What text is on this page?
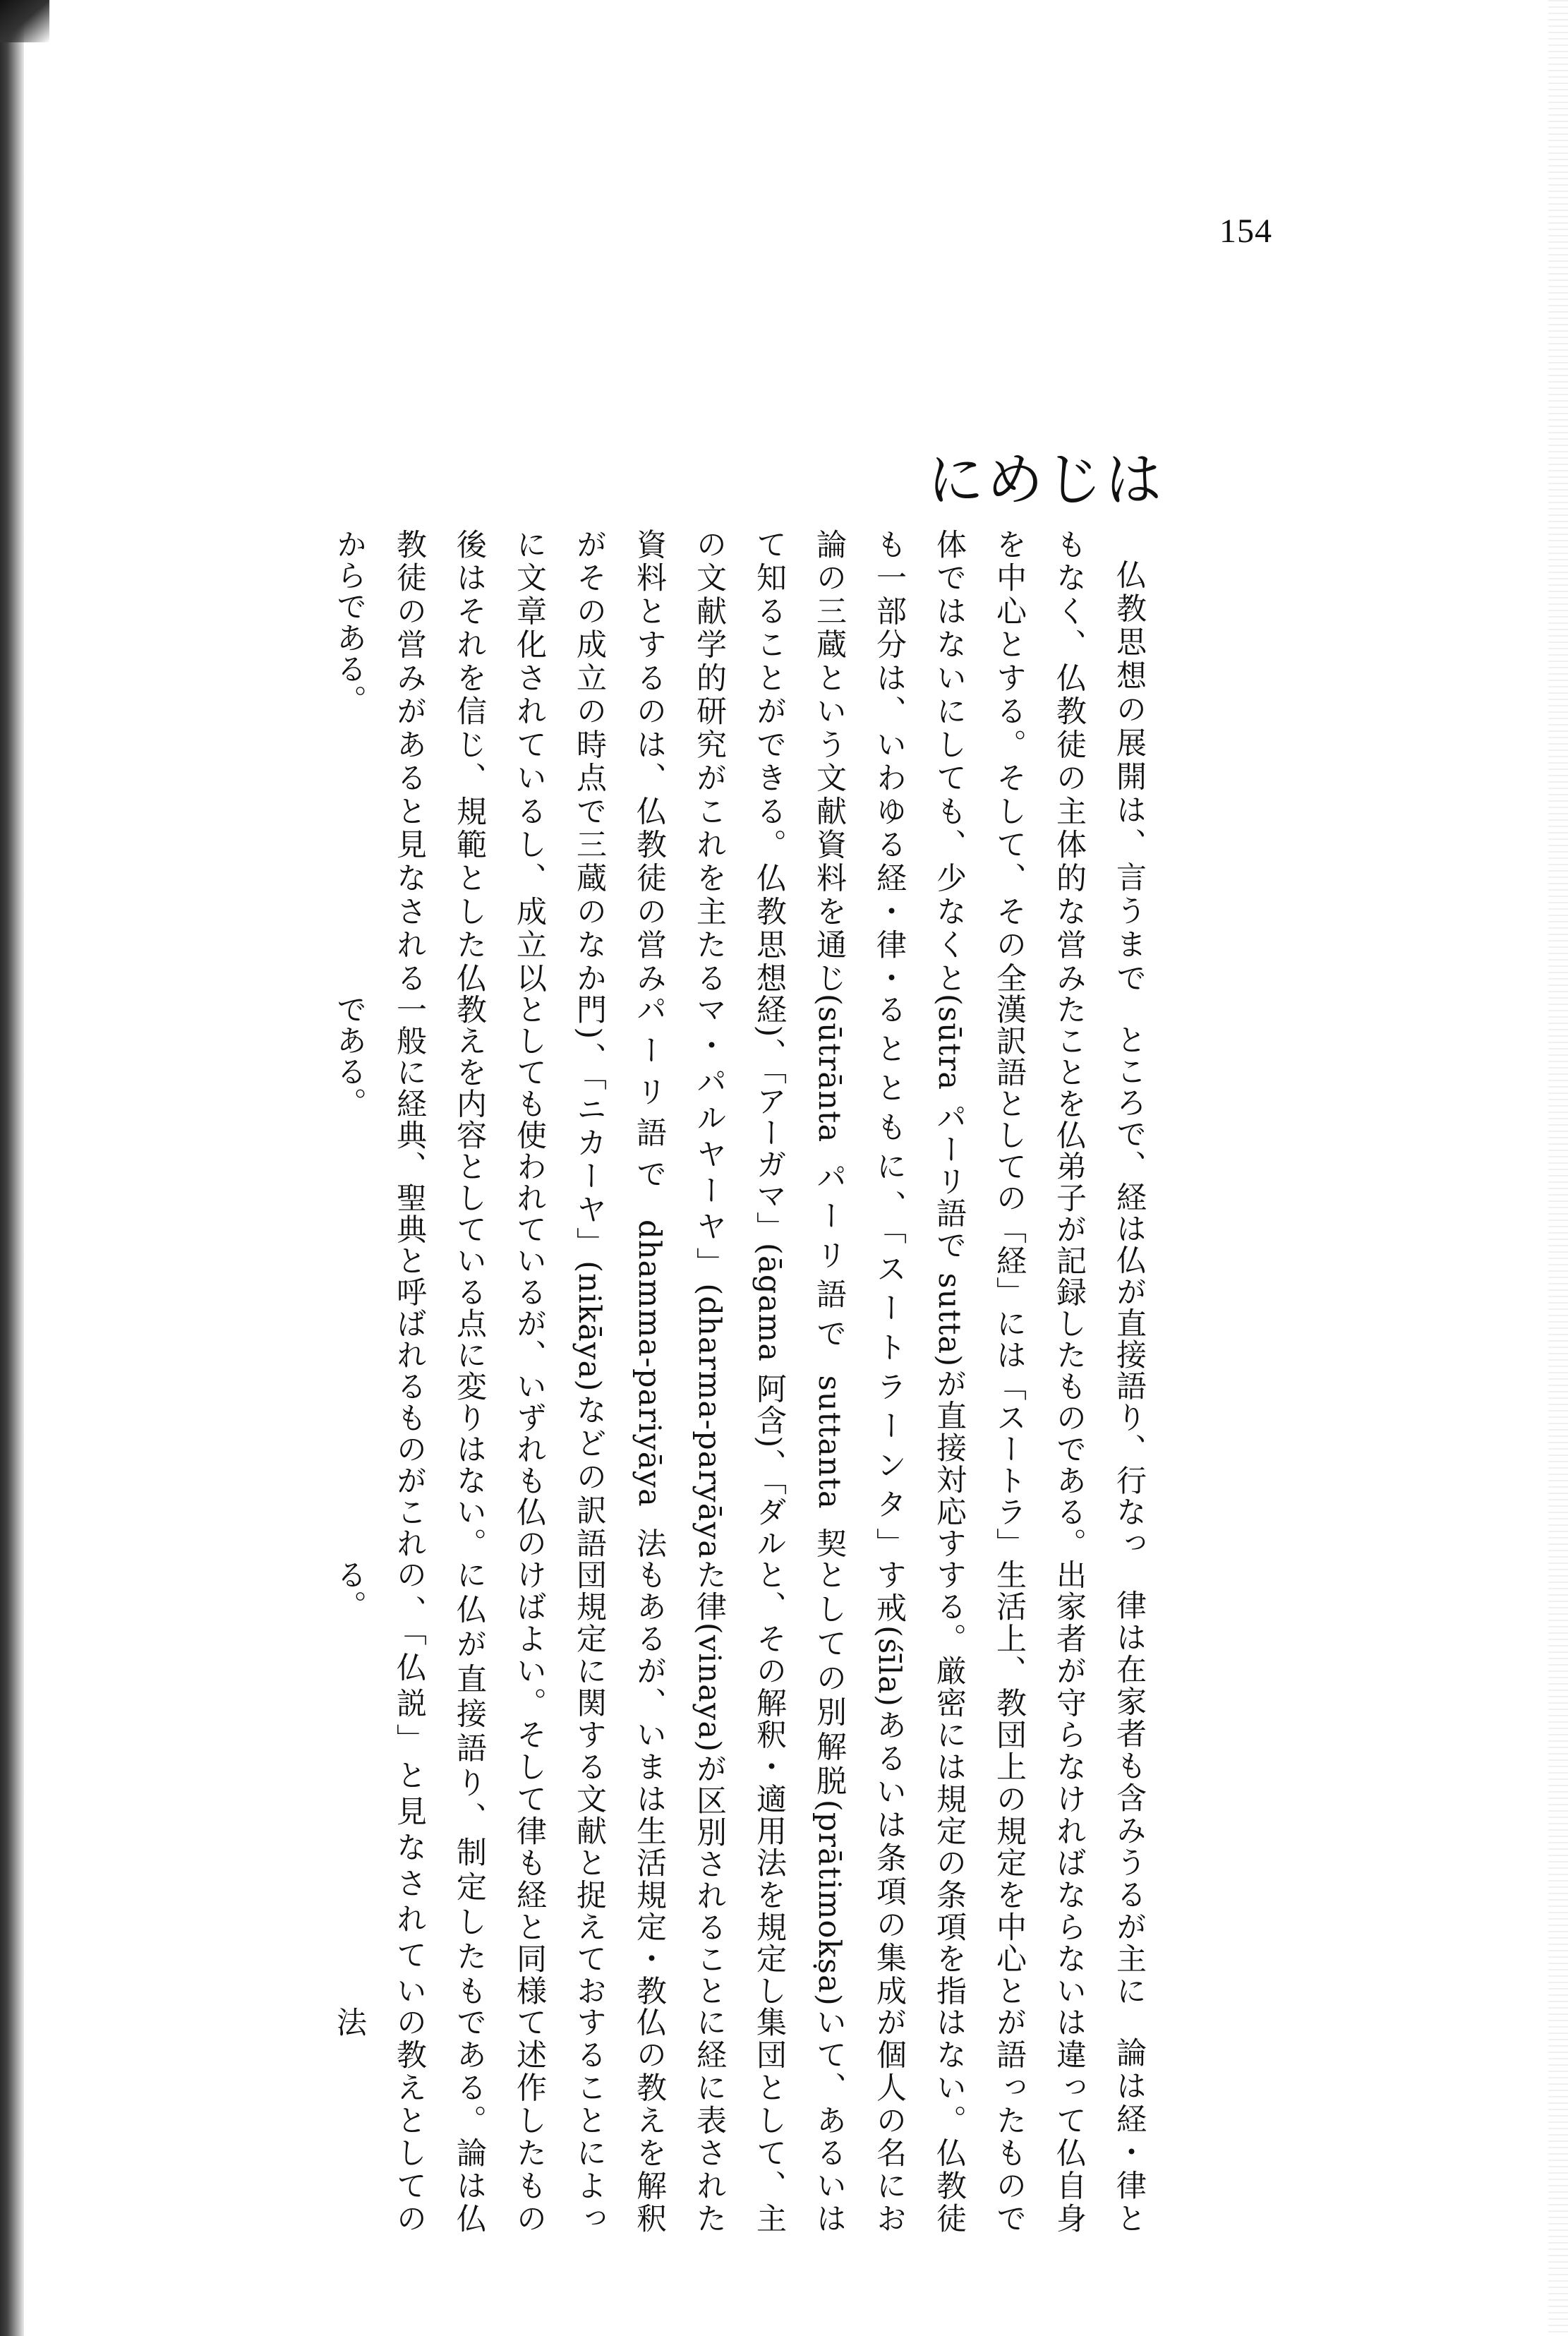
154
はじめに

仏教思想の展開は、言うまでもなく、仏教徒の主体的な営みを中心とする。そして、その全体ではないにしても、少なくとも一部分は、いわゆる経・律・論の三蔵という文献資料を通じて知ることができる。仏教思想の文献学的研究がこれを主たる資料とするのは、仏教徒の営みがその成立の時点で三蔵のなかに文章化されているし、成立以後はそれを信じ、規範とした仏教徒の営みがあると見なされるからである。

ところで、経は仏が直接語り、行なったことを仏弟子が記録したものである。漢訳語としての「経」には「スートラ」(sūtra パーリ語で sutta)が直接対応するとともに、「スートラーンタ」(sūtrānta パーリ語で suttanta 契経)、「アーガマ」(āgama 阿含)、「ダルマ・パルヤーヤ」(dharma-paryāya パーリ語で dhamma-pariyāya 法門)、「ニカーヤ」(nikāya)などの訳語としても使われているが、いずれも仏の教えを内容としている点に変りはない。一般に経典、聖典と呼ばれるものがこれである。

律は在家者も含みうるが主に出家者が守らなければならない生活上、教団上の規定を中心とする。厳密には規定の条項を指す戒(śīla)あるいは条項の集成としての別解脱(prātimokṣa)と、その解釈・適用法を規定した律(vinaya)が区別されることもあるが、いまは生活規定・教団規定に関する文献と捉えておけばよい。そして律も経と同様に仏が直接語り、制定したもの、「仏説」と見なされている。

論は経・律とは違って仏自身が語ったものではない。仏教徒が個人の名において、あるいは集団として、主に経に表された仏の教えを解釈することによって述作したものである。論は仏の教えとしての法
